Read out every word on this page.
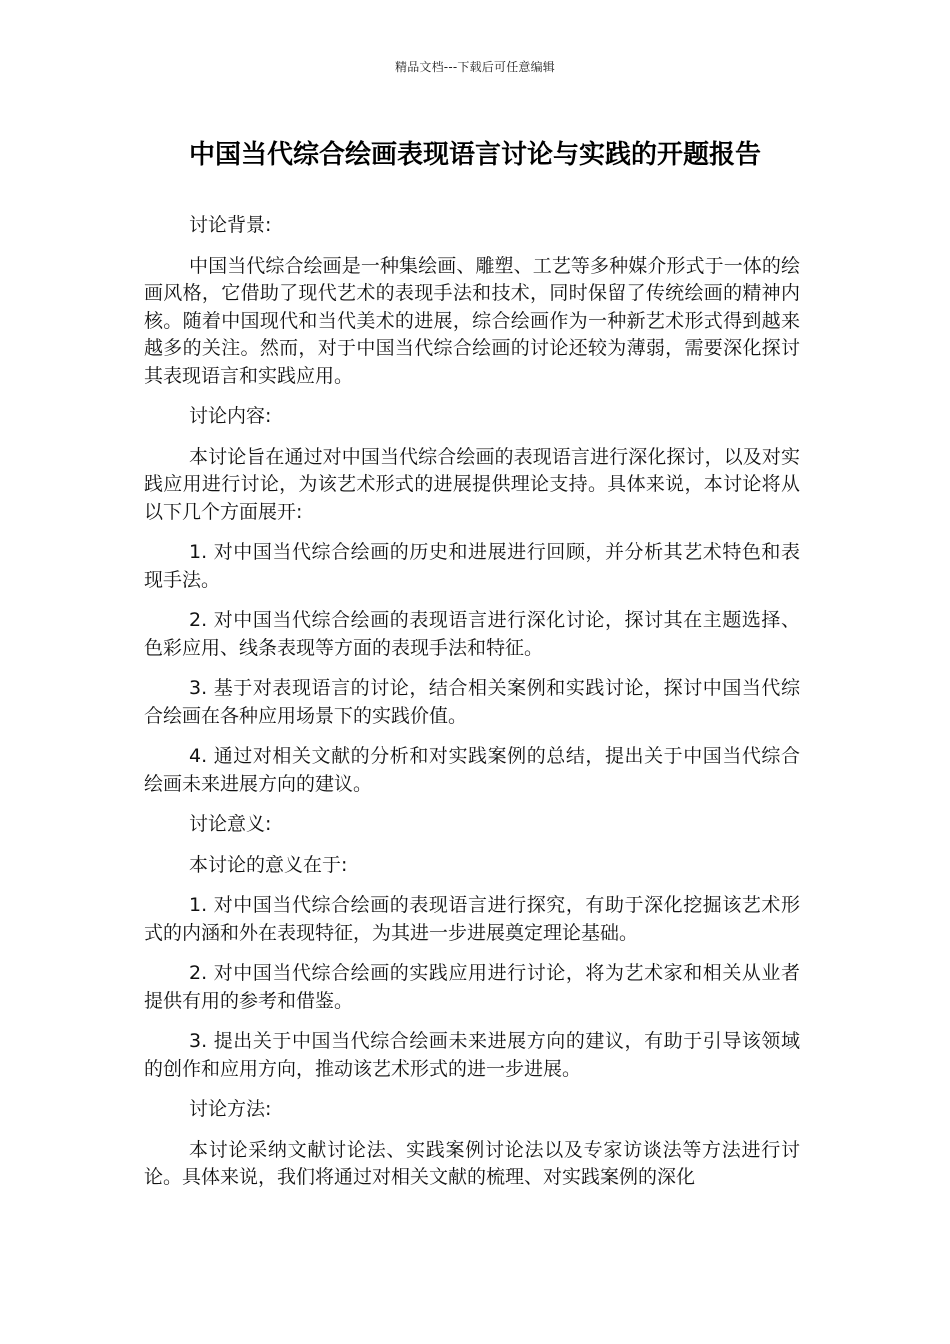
精品文档---下载后可任意编辑
中国当代综合绘画表现语言讨论与实践的开题报告

讨论背景:

中国当代综合绘画是一种集绘画、雕塑、工艺等多种媒介形式于一体的绘画风格，它借助了现代艺术的表现手法和技术，同时保留了传统绘画的精神内核。随着中国现代和当代美术的进展，综合绘画作为一种新艺术形式得到越来越多的关注。然而，对于中国当代综合绘画的讨论还较为薄弱，需要深化探讨其表现语言和实践应用。

讨论内容:

本讨论旨在通过对中国当代综合绘画的表现语言进行深化探讨，以及对实践应用进行讨论，为该艺术形式的进展提供理论支持。具体来说，本讨论将从以下几个方面展开:

1. 对中国当代综合绘画的历史和进展进行回顾，并分析其艺术特色和表现手法。

2. 对中国当代综合绘画的表现语言进行深化讨论，探讨其在主题选择、色彩应用、线条表现等方面的表现手法和特征。

3. 基于对表现语言的讨论，结合相关案例和实践讨论，探讨中国当代综合绘画在各种应用场景下的实践价值。

4. 通过对相关文献的分析和对实践案例的总结，提出关于中国当代综合绘画未来进展方向的建议。

讨论意义:

本讨论的意义在于:

1. 对中国当代综合绘画的表现语言进行探究，有助于深化挖掘该艺术形式的内涵和外在表现特征，为其进一步进展奠定理论基础。

2. 对中国当代综合绘画的实践应用进行讨论，将为艺术家和相关从业者提供有用的参考和借鉴。

3. 提出关于中国当代综合绘画未来进展方向的建议，有助于引导该领域的创作和应用方向，推动该艺术形式的进一步进展。

讨论方法:

本讨论采纳文献讨论法、实践案例讨论法以及专家访谈法等方法进行讨论。具体来说，我们将通过对相关文献的梳理、对实践案例的深化
